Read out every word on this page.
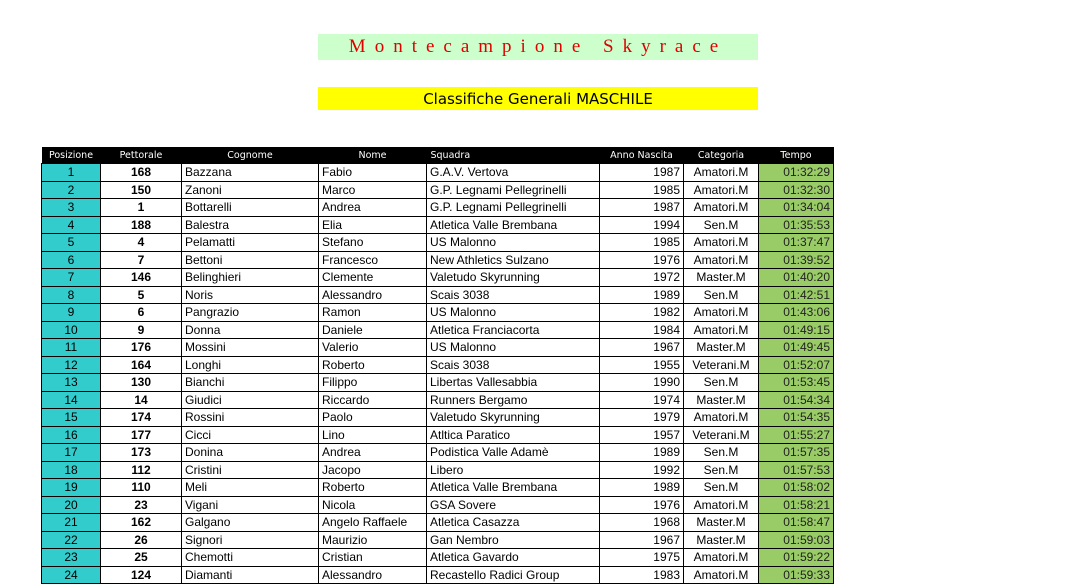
Montecampione Skyrace
Classifiche Generali MASCHILE
Posizione	Pettorale	Cognome	Nome	Squadra	Anno Nascita	Categoria	Tempo
1	168	Bazzana	Fabio	G.A.V. Vertova	1987	Amatori.M	01:32:29
2	150	Zanoni	Marco	G.P. Legnami Pellegrinelli	1985	Amatori.M	01:32:30
3	1	Bottarelli	Andrea	G.P. Legnami Pellegrinelli	1987	Amatori.M	01:34:04
4	188	Balestra	Elia	Atletica Valle Brembana	1994	Sen.M	01:35:53
5	4	Pelamatti	Stefano	US Malonno	1985	Amatori.M	01:37:47
6	7	Bettoni	Francesco	New Athletics Sulzano	1976	Amatori.M	01:39:52
7	146	Belinghieri	Clemente	Valetudo Skyrunning	1972	Master.M	01:40:20
8	5	Noris	Alessandro	Scais 3038	1989	Sen.M	01:42:51
9	6	Pangrazio	Ramon	US Malonno	1982	Amatori.M	01:43:06
10	9	Donna	Daniele	Atletica Franciacorta	1984	Amatori.M	01:49:15
11	176	Mossini	Valerio	US Malonno	1967	Master.M	01:49:45
12	164	Longhi	Roberto	Scais 3038	1955	Veterani.M	01:52:07
13	130	Bianchi	Filippo	Libertas Vallesabbia	1990	Sen.M	01:53:45
14	14	Giudici	Riccardo	Runners Bergamo	1974	Master.M	01:54:34
15	174	Rossini	Paolo	Valetudo Skyrunning	1979	Amatori.M	01:54:35
16	177	Cicci	Lino	Atltica Paratico	1957	Veterani.M	01:55:27
17	173	Donina	Andrea	Podistica Valle Adamè	1989	Sen.M	01:57:35
18	112	Cristini	Jacopo	Libero	1992	Sen.M	01:57:53
19	110	Meli	Roberto	Atletica Valle Brembana	1989	Sen.M	01:58:02
20	23	Vigani	Nicola	GSA Sovere	1976	Amatori.M	01:58:21
21	162	Galgano	Angelo Raffaele	Atletica Casazza	1968	Master.M	01:58:47
22	26	Signori	Maurizio	Gan Nembro	1967	Master.M	01:59:03
23	25	Chemotti	Cristian	Atletica Gavardo	1975	Amatori.M	01:59:22
24	124	Diamanti	Alessandro	Recastello Radici Group	1983	Amatori.M	01:59:33
